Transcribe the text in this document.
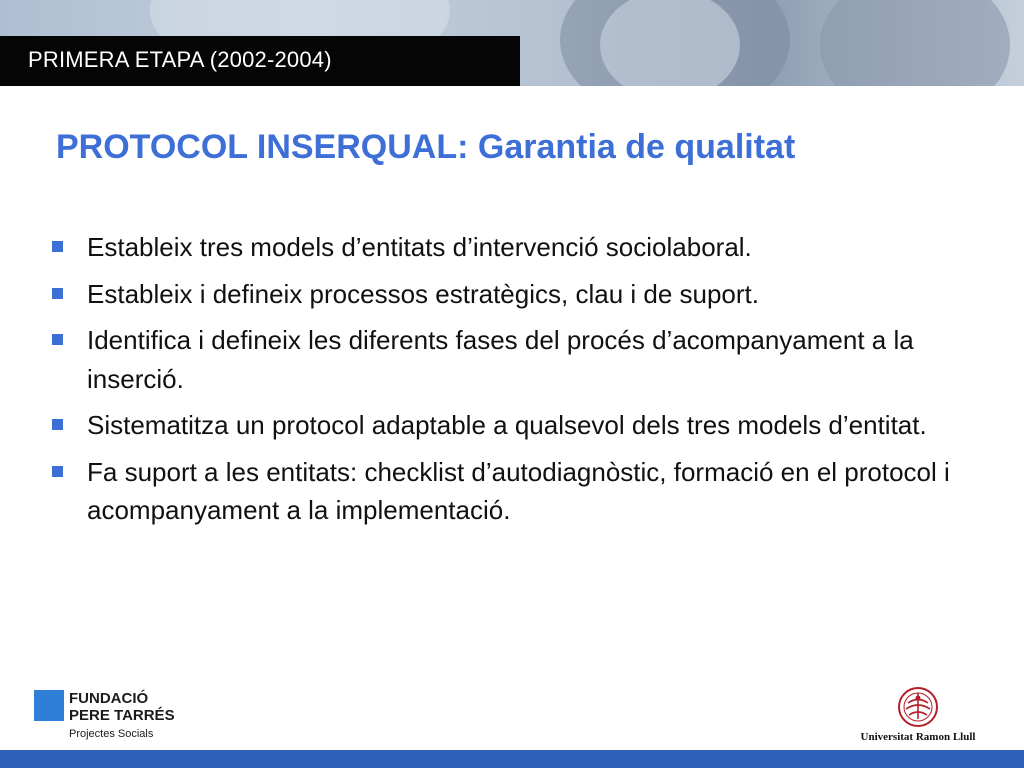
PRIMERA ETAPA (2002-2004)
PROTOCOL INSERQUAL: Garantia de qualitat
Estableix tres models d’entitats d’intervenció sociolaboral.
Estableix i defineix processos estratègics, clau i de suport.
Identifica i defineix les diferents fases del procés d’acompanyament a la inserció.
Sistematitza un protocol adaptable a qualsevol dels tres models d’entitat.
Fa suport a les entitats: checklist d’autodiagnòstic, formació en el protocol i acompanyament a la implementació.
FUNDACIÓ
PERE TARRÉS
Projectes Socials	Universitat Ramon Llull
